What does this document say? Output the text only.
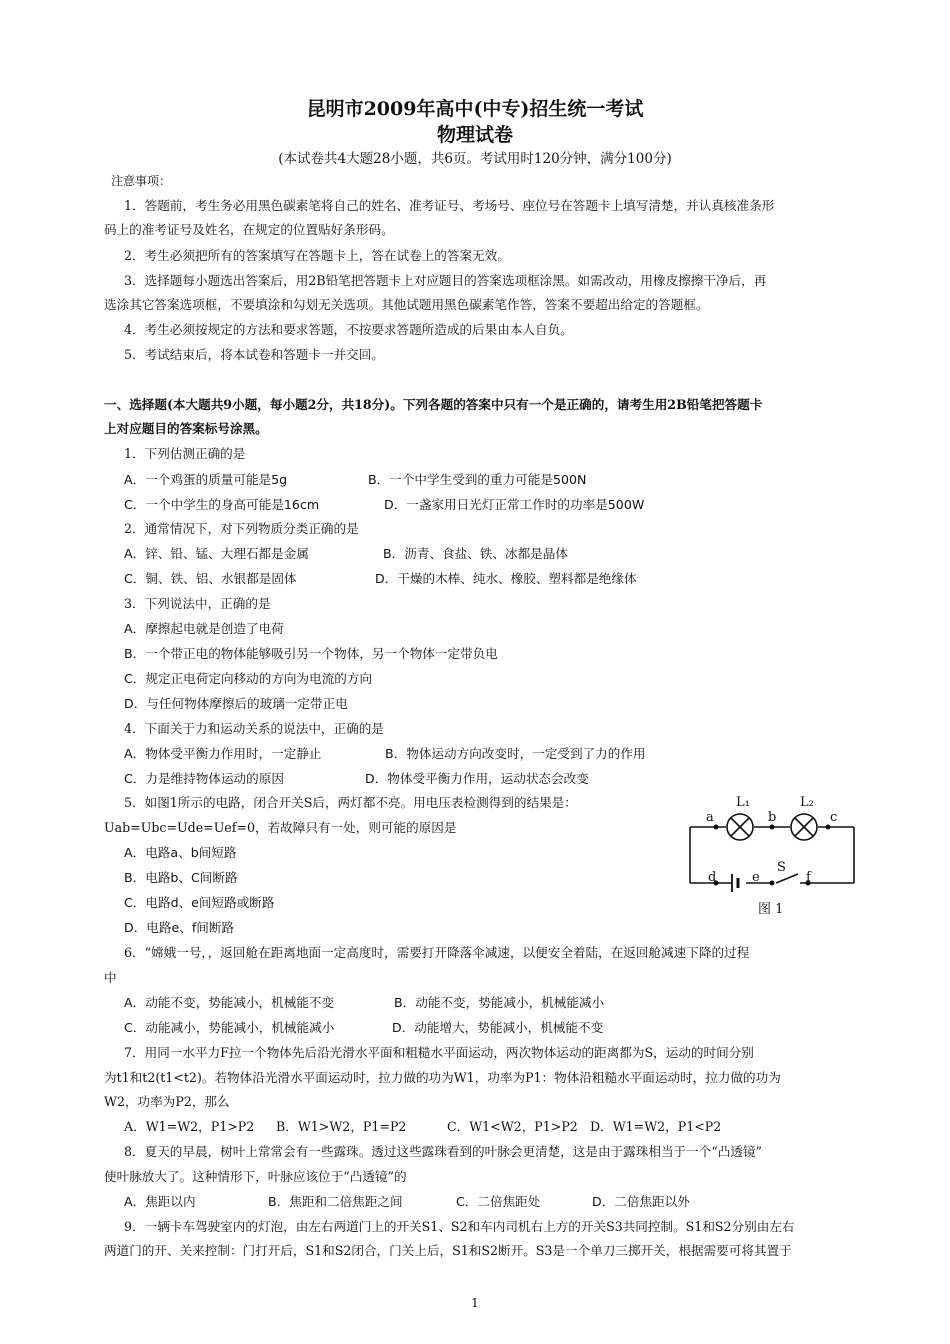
昆明市2009年高中(中专)招生统一考试
物理试卷
(本试卷共4大题28小题，共6页。考试用时120分钟，满分100分)
注意事项：
1．答题前，考生务必用黑色碳素笔将自己的姓名、准考证号、考场号、座位号在答题卡上填写清楚，并认真核准条形
码上的准考证号及姓名，在规定的位置贴好条形码。
2．考生必须把所有的答案填写在答题卡上，答在试卷上的答案无效。
3．选择题每小题选出答案后，用2B铅笔把答题卡上对应题目的答案选项框涂黑。如需改动，用橡皮擦擦干净后，再
选涂其它答案选项框，不要填涂和勾划无关选项。其他试题用黑色碳素笔作答，答案不要超出给定的答题框。
4．考生必须按规定的方法和要求答题，不按要求答题所造成的后果由本人自负。
5．考试结束后，将本试卷和答题卡一并交回。
一、选择题(本大题共9小题，每小题2分，共18分)。下列各题的答案中只有一个是正确的，请考生用2B铅笔把答题卡
上对应题目的答案标号涂黑。
1．下列估测正确的是
A．一个鸡蛋的质量可能是5g	B．一个中学生受到的重力可能是500N
C．一个中学生的身高可能是16cm	D．一盏家用日光灯正常工作时的功率是500W
2．通常情况下，对下列物质分类正确的是
A．锌、铅、锰、大理石都是金属	B．沥青、食盐、铁、冰都是晶体
C．铜、铁、铝、水银都是固体	D．干燥的木棒、纯水、橡胶、塑料都是绝缘体
3．下列说法中，正确的是
A．摩擦起电就是创造了电荷
B．一个带正电的物体能够吸引另一个物体，另一个物体一定带负电
C．规定正电荷定向移动的方向为电流的方向
D．与任何物体摩擦后的玻璃一定带正电
4．下面关于力和运动关系的说法中，正确的是
A．物体受平衡力作用时，一定静止	B．物体运动方向改变时，一定受到了力的作用
C．力是维持物体运动的原因	D．物体受平衡力作用，运动状态会改变
5．如图1所示的电路，闭合开关S后，两灯都不亮。用电压表检测得到的结果是：
Uab=Ubc=Ude=Uef=0，若故障只有一处，则可能的原因是
A．电路a、b间短路
B．电路b、C间断路
C．电路d、e间短路或断路
D．电路e、f间断路
L₁	L₂
a	b	c
d	e
S
f
图 1
6．“嫦娥一号，，返回舱在距离地面一定高度时，需要打开降落伞减速，以便安全着陆，在返回舱减速下降的过程
中
A．动能不变，势能减小，机械能不变	B．动能不变，势能减小，机械能减小
C．动能减小，势能减小，机械能减小	D．动能增大，势能减小，机械能不变
7．用同一水平力F拉一个物体先后沿光滑水平面和粗糙水平面运动，两次物体运动的距离都为S，运动的时间分别
为t1和t2(t1<t2)。若物体沿光滑水平面运动时，拉力做的功为W1，功率为P1：物体沿粗糙水平面运动时，拉力做的功为
W2，功率为P2，那么
A．W1=W2，P1>P2 B．W1>W2，P1=P2	C．W1<W2，P1>P2 D．W1=W2，P1<P2
8．夏天的早晨，树叶上常常会有一些露珠。透过这些露珠看到的叶脉会更清楚，这是由于露珠相当于一个“凸透镜”
使叶脉放大了。这种情形下，叶脉应该位于“凸透镜”的
A．焦距以内	B．焦距和二倍焦距之间	C．二倍焦距处	D．二倍焦距以外
9．一辆卡车驾驶室内的灯泡，由左右两道门上的开关S1、S2和车内司机右上方的开关S3共同控制。S1和S2分别由左右
两道门的开、关来控制：门打开后，S1和S2闭合，门关上后，S1和S2断开。S3是一个单刀三掷开关，根据需要可将其置于
1
